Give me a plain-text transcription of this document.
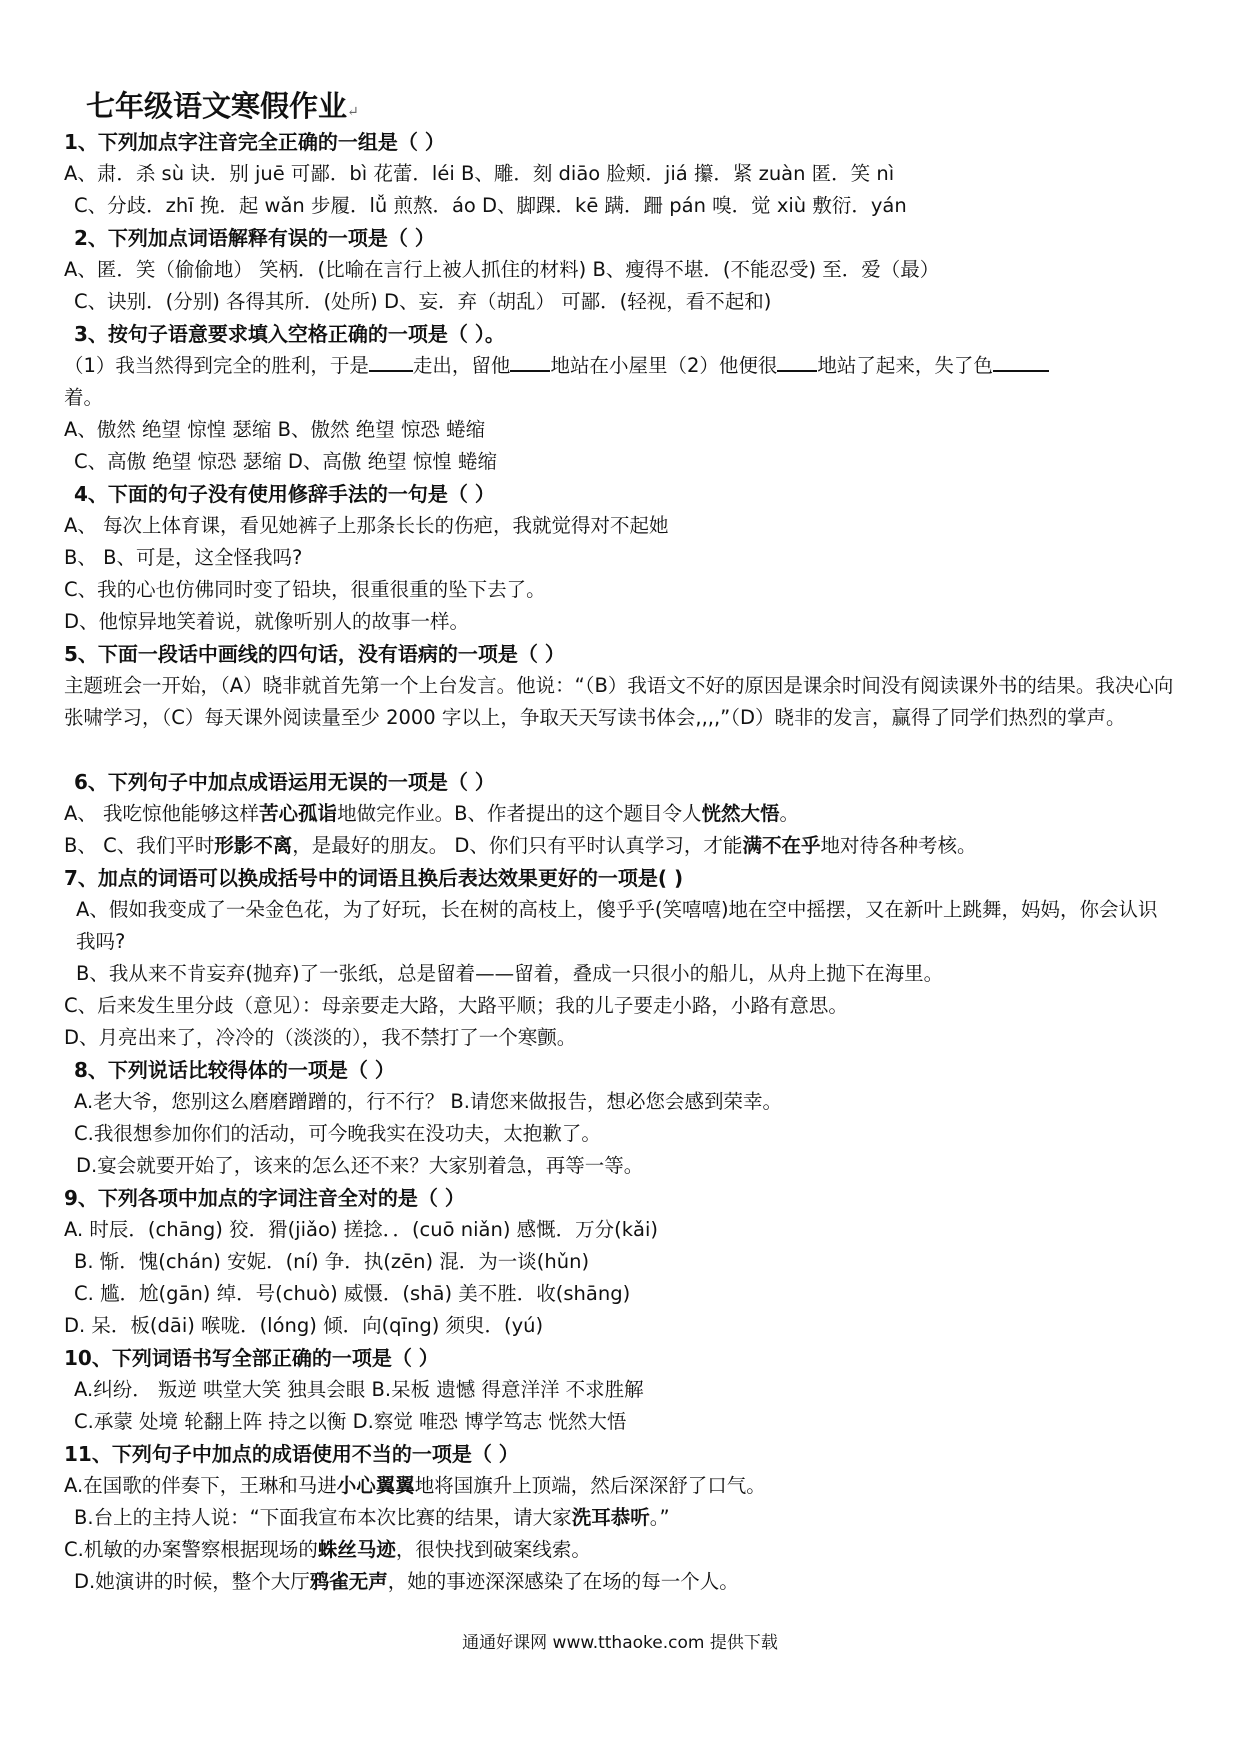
七年级语文寒假作业↵
1、下列加点字注音完全正确的一组是（ ）
A、肃．杀 sù 诀．别 juē 可鄙．bì 花蕾．léi B、雕．刻 diāo 脸颊．jiá 攥．紧 zuàn 匿．笑 nì
C、分歧．zhī 挽．起 wǎn 步履．lǚ 煎熬．áo D、脚踝．kē 蹒．跚 pán 嗅．觉 xiù 敷衍．yán
2、下列加点词语解释有误的一项是（ ）
A、匿．笑（偷偷地） 笑柄．(比喻在言行上被人抓住的材料) B、瘦得不堪．(不能忍受) 至．爱（最）
C、诀别．(分别) 各得其所．(处所) D、妄．弃（胡乱） 可鄙．(轻视，看不起和)
3、按句子语意要求填入空格正确的一项是（ ）。
（1）我当然得到完全的胜利，于是 走出，留他 地站在小屋里（2）他便很 地站了起来，失了色
着。
A、傲然 绝望 惊惶 瑟缩 B、傲然 绝望 惊恐 蜷缩
C、高傲 绝望 惊恐 瑟缩 D、高傲 绝望 惊惶 蜷缩
4、下面的句子没有使用修辞手法的一句是（ ）
A、 每次上体育课，看见她裤子上那条长长的伤疤，我就觉得对不起她
B、 B、可是，这全怪我吗?
C、我的心也仿佛同时变了铅块，很重很重的坠下去了。
D、他惊异地笑着说，就像听别人的故事一样。
5、下面一段话中画线的四句话，没有语病的一项是（ ）
主题班会一开始，（A）晓非就首先第一个上台发言。他说：“（B）我语文不好的原因是课余时间没有阅读课外书的结果。我决心向张啸学习，（C）每天课外阅读量至少 2000 字以上，争取天天写读书体会,,,,”（D）晓非的发言，赢得了同学们热烈的掌声。
6、下列句子中加点成语运用无误的一项是（ ）
A、 我吃惊他能够这样苦心孤诣地做完作业。B、作者提出的这个题目令人恍然大悟。
B、 C、我们平时形影不离，是最好的朋友。 D、你们只有平时认真学习，才能满不在乎地对待各种考核。
7、加点的词语可以换成括号中的词语且换后表达效果更好的一项是( )
A、假如我变成了一朵金色花，为了好玩，长在树的高枝上，傻乎乎(笑嘻嘻)地在空中摇摆，又在新叶上跳舞，妈妈，你会认识我吗?
B、我从来不肯妄弃(抛弃)了一张纸，总是留着——留着，叠成一只很小的船儿，从舟上抛下在海里。
C、后来发生里分歧（意见）：母亲要走大路，大路平顺；我的儿子要走小路，小路有意思。
D、月亮出来了，冷冷的（淡淡的），我不禁打了一个寒颤。
8、下列说话比较得体的一项是（ ）
A.老大爷，您别这么磨磨蹭蹭的，行不行？ B.请您来做报告，想必您会感到荣幸。
C.我很想参加你们的活动，可今晚我实在没功夫，太抱歉了。
D.宴会就要开始了，该来的怎么还不来？大家别着急，再等一等。
9、下列各项中加点的字词注音全对的是（ ）
A. 时辰．(chāng) 狡．猾(jiǎo) 搓捻．．(cuō niǎn) 感慨．万分(kǎi)
B. 惭．愧(chán) 安妮．(ní) 争．执(zēn) 混．为一谈(hǔn)
C. 尴．尬(gān) 绰．号(chuò) 威慑．(shā) 美不胜．收(shāng)
D. 呆．板(dāi) 喉咙．(lóng) 倾．向(qīng) 须臾．(yú)
10、下列词语书写全部正确的一项是（ ）
A.纠纷． 叛逆 哄堂大笑 独具会眼 B.呆板 遗憾 得意洋洋 不求胜解
C.承蒙 处境 轮翻上阵 持之以衡 D.察觉 唯恐 博学笃志 恍然大悟
11、下列句子中加点的成语使用不当的一项是（ ）
A.在国歌的伴奏下，王琳和马进小心翼翼地将国旗升上顶端，然后深深舒了口气。
B.台上的主持人说：“下面我宣布本次比赛的结果，请大家洗耳恭听。”
C.机敏的办案警察根据现场的蛛丝马迹，很快找到破案线索。
D.她演讲的时候，整个大厅鸦雀无声，她的事迹深深感染了在场的每一个人。
通通好课网 www.tthaoke.com 提供下载
